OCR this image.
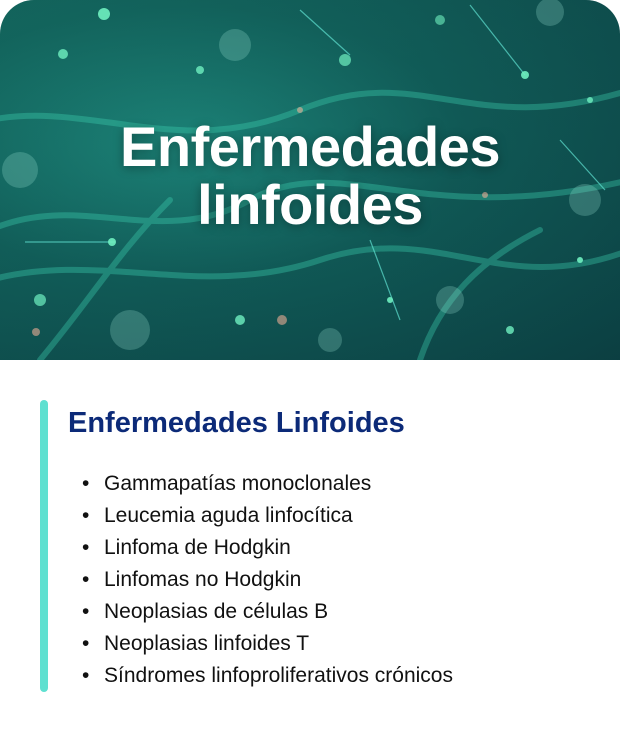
Enfermedades
linfoides
Enfermedades Linfoides
• Gammapatías monoclonales
• Leucemia aguda linfocítica
• Linfoma de Hodgkin
• Linfomas no Hodgkin
• Neoplasias de células B
• Neoplasias linfoides T
• Síndromes linfoproliferativos crónicos
